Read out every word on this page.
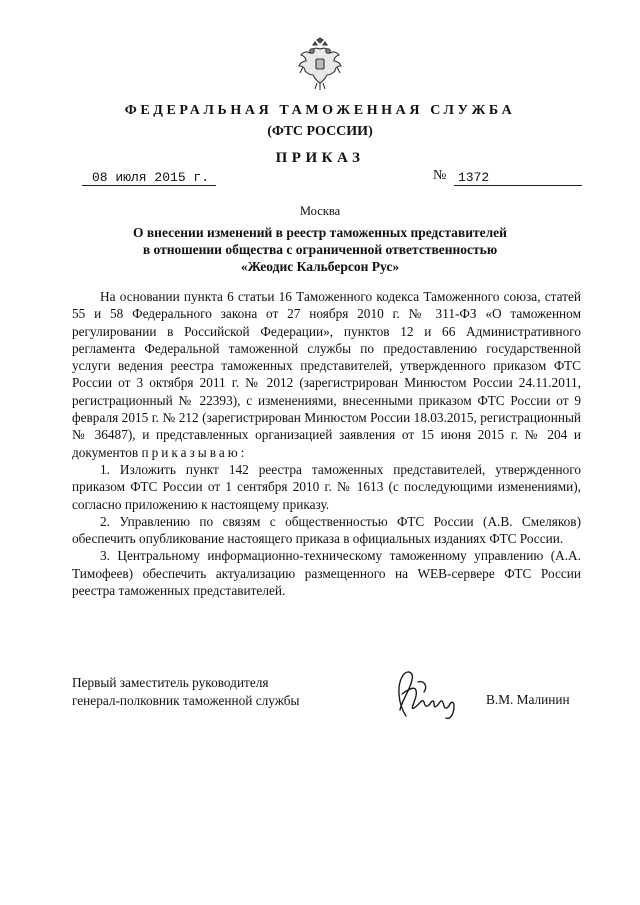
ФЕДЕРАЛЬНАЯ ТАМОЖЕННАЯ СЛУЖБА
(ФТС РОССИИ)
ПРИКАЗ
08 июля 2015 г.	№ 1372
Москва
О внесении изменений в реестр таможенных представителей
в отношении общества с ограниченной ответственностью
«Жеодис Кальберсон Рус»

На основании пункта 6 статьи 16 Таможенного кодекса Таможенного союза, статей 55 и 58 Федерального закона от 27 ноября 2010 г. № 311-ФЗ «О таможенном регулировании в Российской Федерации», пунктов 12 и 66 Административного регламента Федеральной таможенной службы по предоставлению государственной услуги ведения реестра таможенных представителей, утвержденного приказом ФТС России от 3 октября 2011 г. № 2012 (зарегистрирован Минюстом России 24.11.2011, регистрационный № 22393), с изменениями, внесенными приказом ФТС России от 9 февраля 2015 г. № 212 (зарегистрирован Минюстом России 18.03.2015, регистрационный № 36487), и представленных организацией заявления от 15 июня 2015 г. № 204 и документов приказываю:

1. Изложить пункт 142 реестра таможенных представителей, утвержденного приказом ФТС России от 1 сентября 2010 г. № 1613 (с последующими изменениями), согласно приложению к настоящему приказу.

2. Управлению по связям с общественностью ФТС России (А.В. Смеляков) обеспечить опубликование настоящего приказа в официальных изданиях ФТС России.

3. Центральному информационно-техническому таможенному управлению (А.А. Тимофеев) обеспечить актуализацию размещенного на WEB-сервере ФТС России реестра таможенных представителей.

Первый заместитель руководителя
генерал-полковник таможенной службы	В.М. Малинин
